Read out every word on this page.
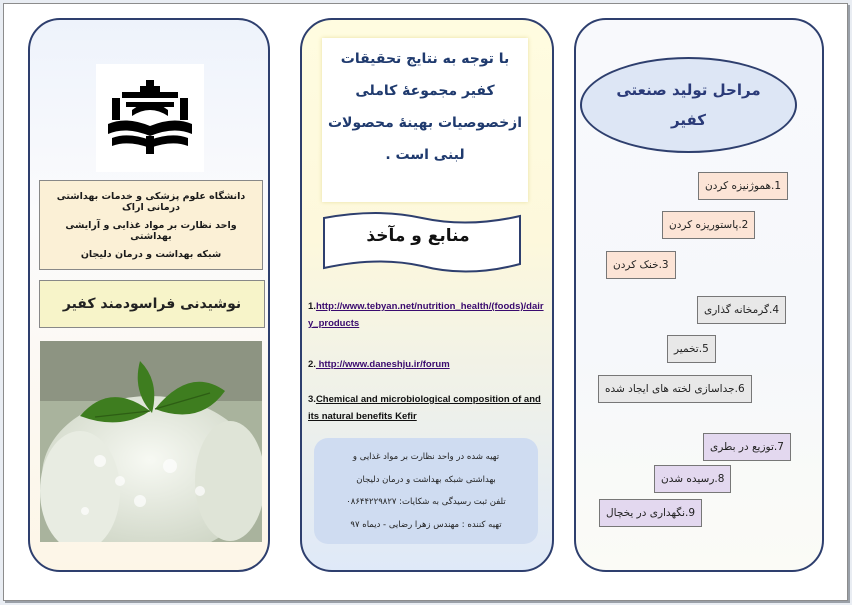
دانشگاه علوم پزشکی و خدمات بهداشتی درمانی اراک
واحد نظارت بر مواد غذایی و آرایشی بهداشتی
شبکه بهداشت و درمان دلیجان
نوشیدنی فراسودمند کفیر
با توجه به نتایج تحقیقات
کفیر مجموعهٔ کاملی
ازخصوصیات بهینهٔ محصولات
لبنی است .
منابع و مآخذ
1.http://www.tebyan.net/nutrition_health/(foods)/dairy_products
2. http://www.daneshju.ir/forum
3.Chemical and microbiological composition of and its natural benefits Kefir
تهیه شده در واحد نظارت بر مواد غذایی و
بهداشتی شبکه بهداشت و درمان دلیجان
تلفن ثبت رسیدگی به شکایات: ۰۸۶۴۴۲۲۹۸۲۷
تهیه کننده : مهندس زهرا رضایی - دیماه ۹۷
مراحل تولید صنعتی
کفیر
1.هموژنیزه کردن
2.پاستوریزه کردن
3.خنک کردن
4.گرمخانه گذاری
5.تخمیر
6.جداسازی لخته های ایجاد شده
7.توزیع در بطری
8.رسیده شدن
9.نگهداری در یخچال
